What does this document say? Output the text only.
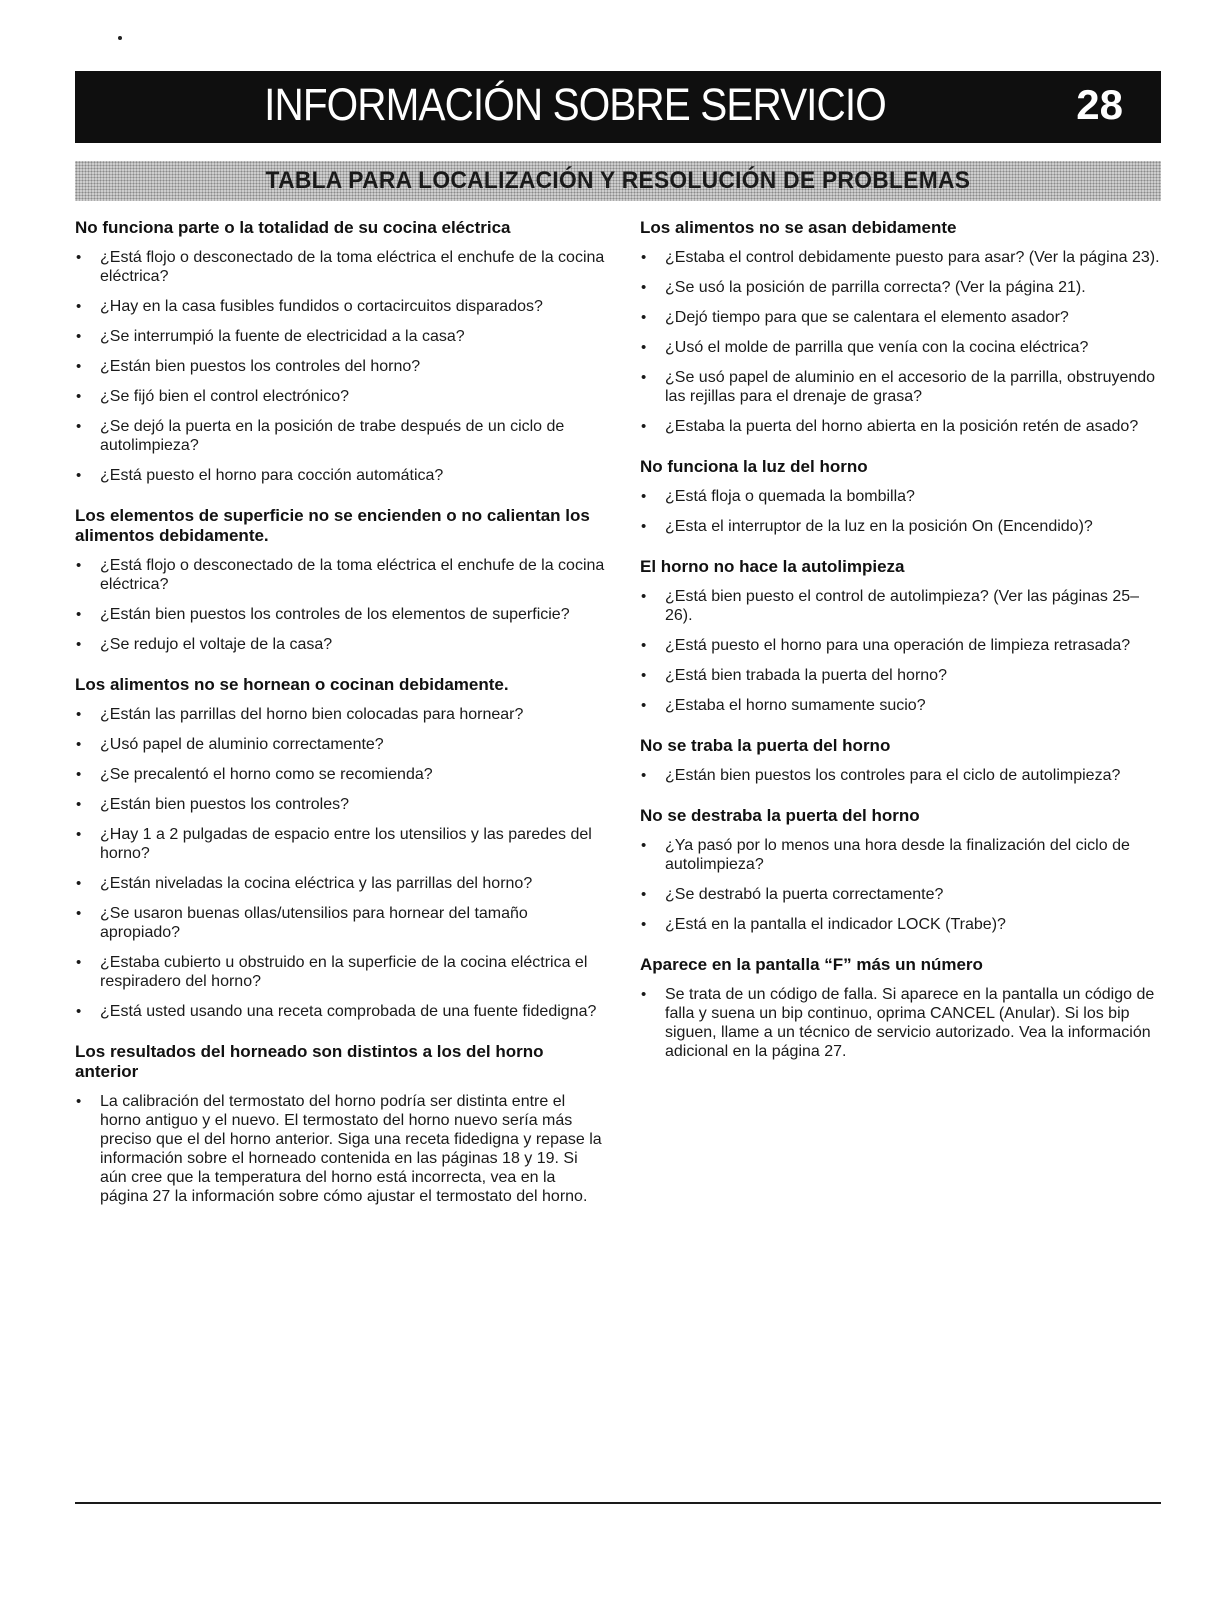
INFORMACIÓN SOBRE SERVICIO	28
TABLA PARA LOCALIZACIÓN Y RESOLUCIÓN DE PROBLEMAS
No funciona parte o la totalidad de su cocina eléctrica
• ¿Está flojo o desconectado de la toma eléctrica el enchufe de la cocina eléctrica?
• ¿Hay en la casa fusibles fundidos o cortacircuitos disparados?
• ¿Se interrumpió la fuente de electricidad a la casa?
• ¿Están bien puestos los controles del horno?
• ¿Se fijó bien el control electrónico?
• ¿Se dejó la puerta en la posición de trabe después de un ciclo de autolimpieza?
• ¿Está puesto el horno para cocción automática?
Los elementos de superficie no se encienden o no calientan los alimentos debidamente.
• ¿Está flojo o desconectado de la toma eléctrica el enchufe de la cocina eléctrica?
• ¿Están bien puestos los controles de los elementos de superficie?
• ¿Se redujo el voltaje de la casa?
Los alimentos no se hornean o cocinan debidamente.
• ¿Están las parrillas del horno bien colocadas para hornear?
• ¿Usó papel de aluminio correctamente?
• ¿Se precalentó el horno como se recomienda?
• ¿Están bien puestos los controles?
• ¿Hay 1 a 2 pulgadas de espacio entre los utensilios y las paredes del horno?
• ¿Están niveladas la cocina eléctrica y las parrillas del horno?
• ¿Se usaron buenas ollas/utensilios para hornear del tamaño apropiado?
• ¿Estaba cubierto u obstruido en la superficie de la cocina eléctrica el respiradero del horno?
• ¿Está usted usando una receta comprobada de una fuente fidedigna?
Los resultados del horneado son distintos a los del horno anterior
• La calibración del termostato del horno podría ser distinta entre el horno antiguo y el nuevo. El termostato del horno nuevo sería más preciso que el del horno anterior. Siga una receta fidedigna y repase la información sobre el horneado contenida en las páginas 18 y 19. Si aún cree que la temperatura del horno está incorrecta, vea en la página 27 la información sobre cómo ajustar el termostato del horno.
Los alimentos no se asan debidamente
• ¿Estaba el control debidamente puesto para asar? (Ver la página 23).
• ¿Se usó la posición de parrilla correcta? (Ver la página 21).
• ¿Dejó tiempo para que se calentara el elemento asador?
• ¿Usó el molde de parrilla que venía con la cocina eléctrica?
• ¿Se usó papel de aluminio en el accesorio de la parrilla, obstruyendo las rejillas para el drenaje de grasa?
• ¿Estaba la puerta del horno abierta en la posición retén de asado?
No funciona la luz del horno
• ¿Está floja o quemada la bombilla?
• ¿Esta el interruptor de la luz en la posición On (Encendido)?
El horno no hace la autolimpieza
• ¿Está bien puesto el control de autolimpieza? (Ver las páginas 25–26).
• ¿Está puesto el horno para una operación de limpieza retrasada?
• ¿Está bien trabada la puerta del horno?
• ¿Estaba el horno sumamente sucio?
No se traba la puerta del horno
• ¿Están bien puestos los controles para el ciclo de autolimpieza?
No se destraba la puerta del horno
• ¿Ya pasó por lo menos una hora desde la finalización del ciclo de autolimpieza?
• ¿Se destrabó la puerta correctamente?
• ¿Está en la pantalla el indicador LOCK (Trabe)?
Aparece en la pantalla “F” más un número
• Se trata de un código de falla. Si aparece en la pantalla un código de falla y suena un bip continuo, oprima CANCEL (Anular). Si los bip siguen, llame a un técnico de servicio autorizado. Vea la información adicional en la página 27.
